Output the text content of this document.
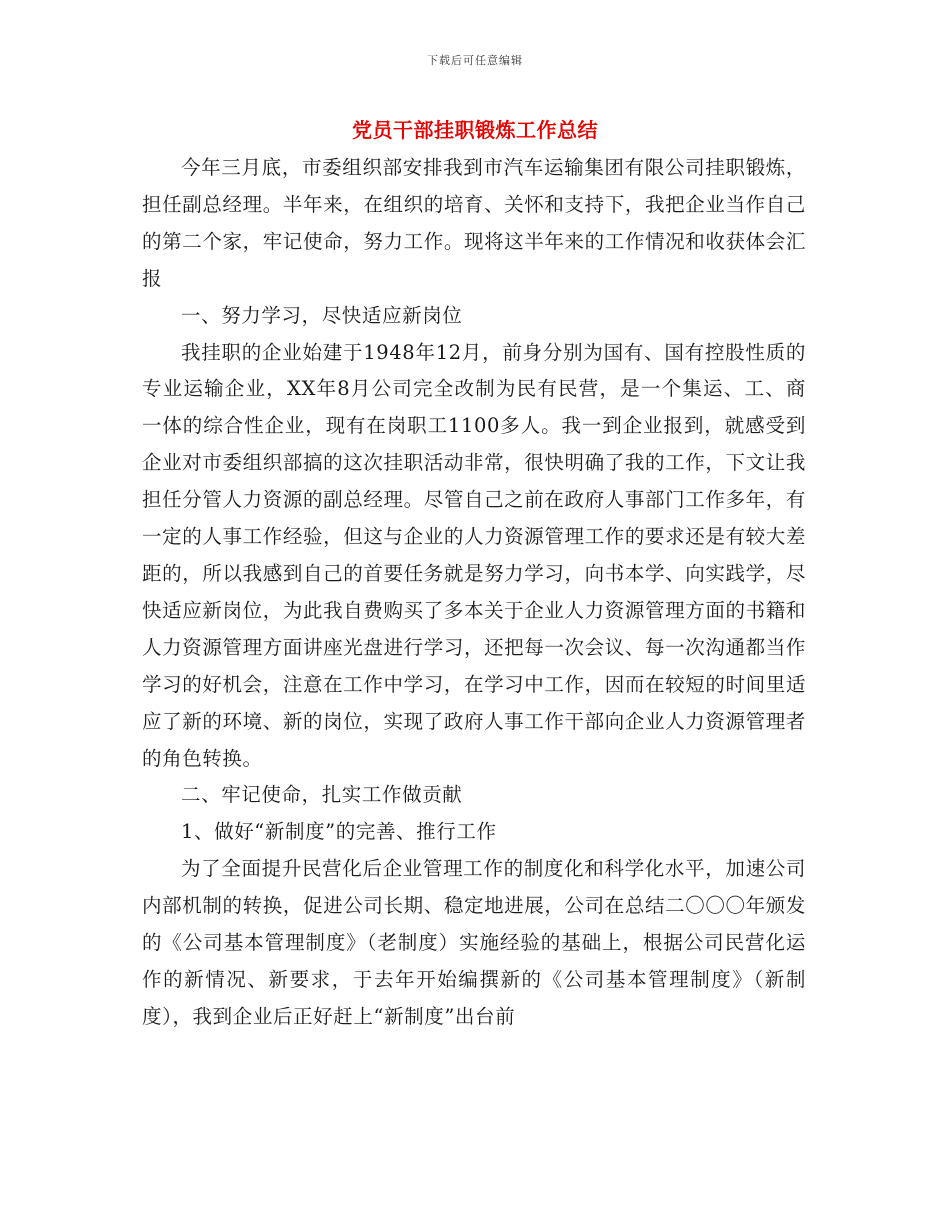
下载后可任意编辑
党员干部挂职锻炼工作总结

今年三月底，市委组织部安排我到市汽车运输集团有限公司挂职锻炼，担任副总经理。半年来，在组织的培育、关怀和支持下，我把企业当作自己的第二个家，牢记使命，努力工作。现将这半年来的工作情况和收获体会汇报

一、努力学习，尽快适应新岗位

我挂职的企业始建于1948年12月，前身分别为国有、国有控股性质的专业运输企业，XX年8月公司完全改制为民有民营，是一个集运、工、商一体的综合性企业，现有在岗职工1100多人。我一到企业报到，就感受到企业对市委组织部搞的这次挂职活动非常，很快明确了我的工作，下文让我担任分管人力资源的副总经理。尽管自己之前在政府人事部门工作多年，有一定的人事工作经验，但这与企业的人力资源管理工作的要求还是有较大差距的，所以我感到自己的首要任务就是努力学习，向书本学、向实践学，尽快适应新岗位，为此我自费购买了多本关于企业人力资源管理方面的书籍和人力资源管理方面讲座光盘进行学习，还把每一次会议、每一次沟通都当作学习的好机会，注意在工作中学习，在学习中工作，因而在较短的时间里适应了新的环境、新的岗位，实现了政府人事工作干部向企业人力资源管理者的角色转换。

二、牢记使命，扎实工作做贡献

1、做好“新制度”的完善、推行工作

为了全面提升民营化后企业管理工作的制度化和科学化水平，加速公司内部机制的转换，促进公司长期、稳定地进展，公司在总结二〇〇〇年颁发的《公司基本管理制度》（老制度）实施经验的基础上，根据公司民营化运作的新情况、新要求，于去年开始编撰新的《公司基本管理制度》（新制度），我到企业后正好赶上“新制度”出台前
